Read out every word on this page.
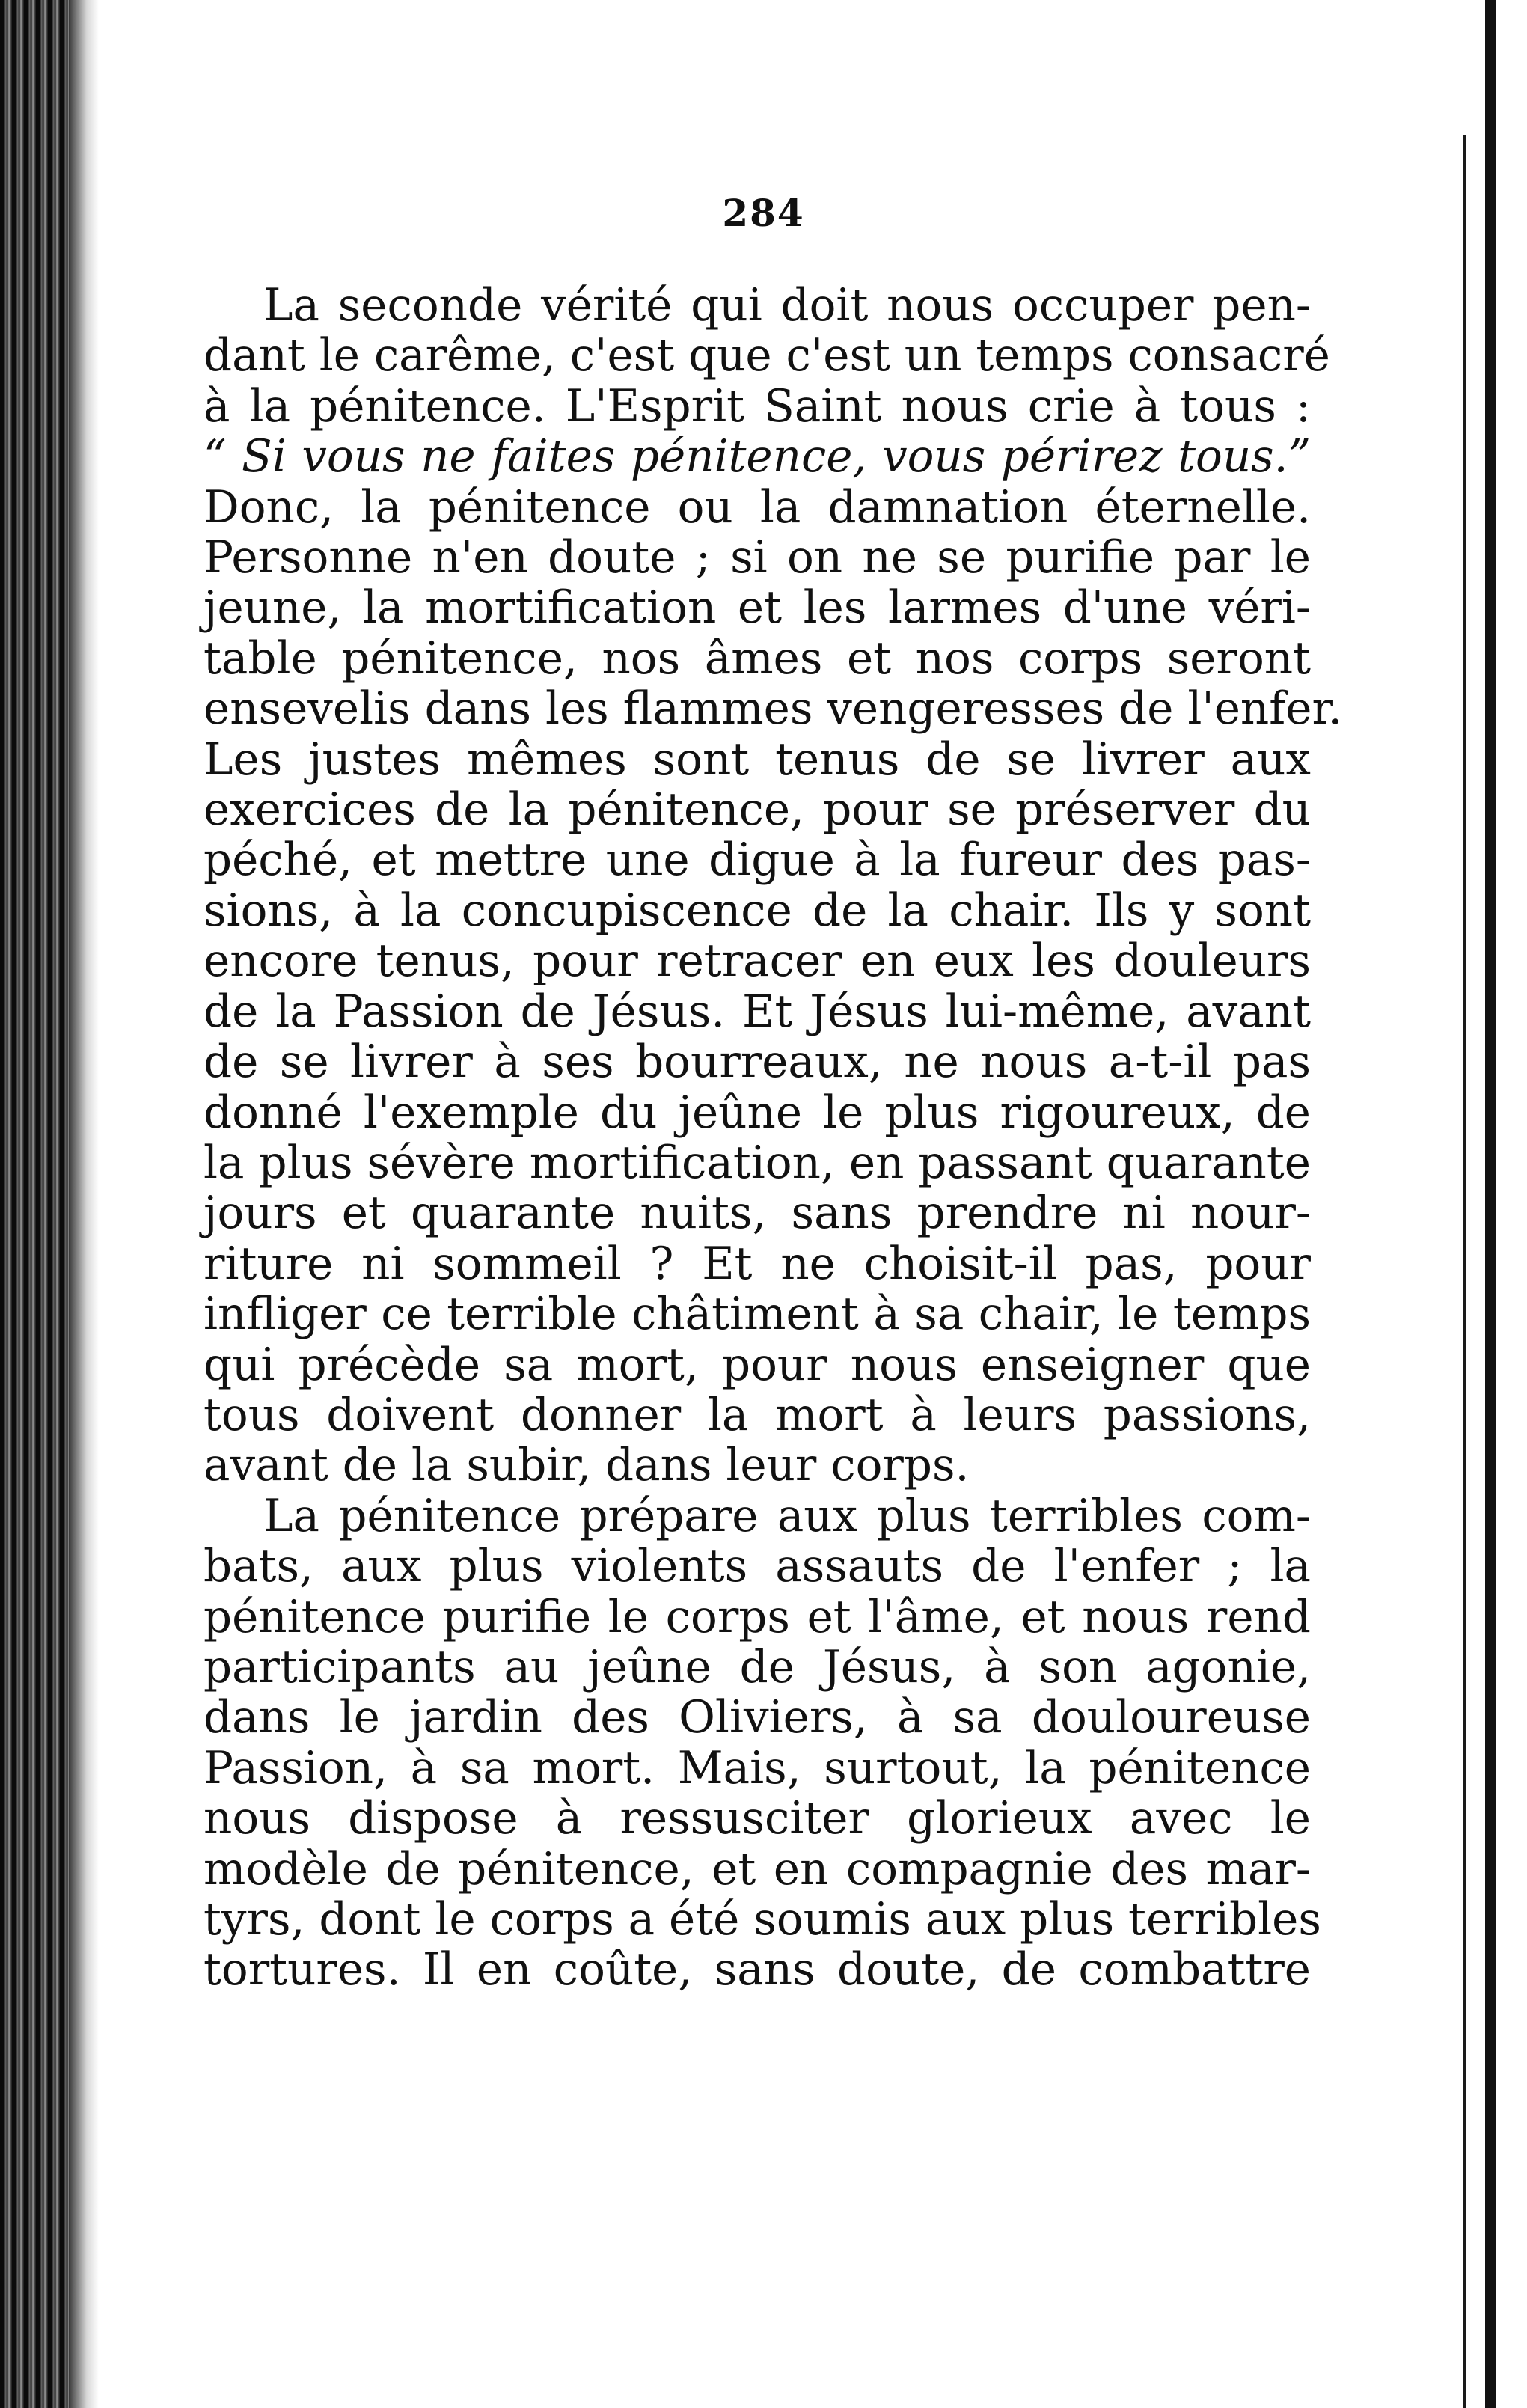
284
La seconde vérité qui doit nous occuper pen-
dant le carême, c'est que c'est un temps consacré
à la pénitence. L'Esprit Saint nous crie à tous :
“ Si vous ne faites pénitence, vous périrez tous.”
Donc, la pénitence ou la damnation éternelle.
Personne n'en doute ; si on ne se purifie par le
jeune, la mortification et les larmes d'une véri-
table pénitence, nos âmes et nos corps seront
ensevelis dans les flammes vengeresses de l'enfer.
Les justes mêmes sont tenus de se livrer aux
exercices de la pénitence, pour se préserver du
péché, et mettre une digue à la fureur des pas-
sions, à la concupiscence de la chair. Ils y sont
encore tenus, pour retracer en eux les douleurs
de la Passion de Jésus. Et Jésus lui-même, avant
de se livrer à ses bourreaux, ne nous a-t-il pas
donné l'exemple du jeûne le plus rigoureux, de
la plus sévère mortification, en passant quarante
jours et quarante nuits, sans prendre ni nour-
riture ni sommeil ? Et ne choisit-il pas, pour
infliger ce terrible châtiment à sa chair, le temps
qui précède sa mort, pour nous enseigner que
tous doivent donner la mort à leurs passions,
avant de la subir, dans leur corps.
La pénitence prépare aux plus terribles com-
bats, aux plus violents assauts de l'enfer ; la
pénitence purifie le corps et l'âme, et nous rend
participants au jeûne de Jésus, à son agonie,
dans le jardin des Oliviers, à sa douloureuse
Passion, à sa mort. Mais, surtout, la pénitence
nous dispose à ressusciter glorieux avec le
modèle de pénitence, et en compagnie des mar-
tyrs, dont le corps a été soumis aux plus terribles
tortures. Il en coûte, sans doute, de combattre
